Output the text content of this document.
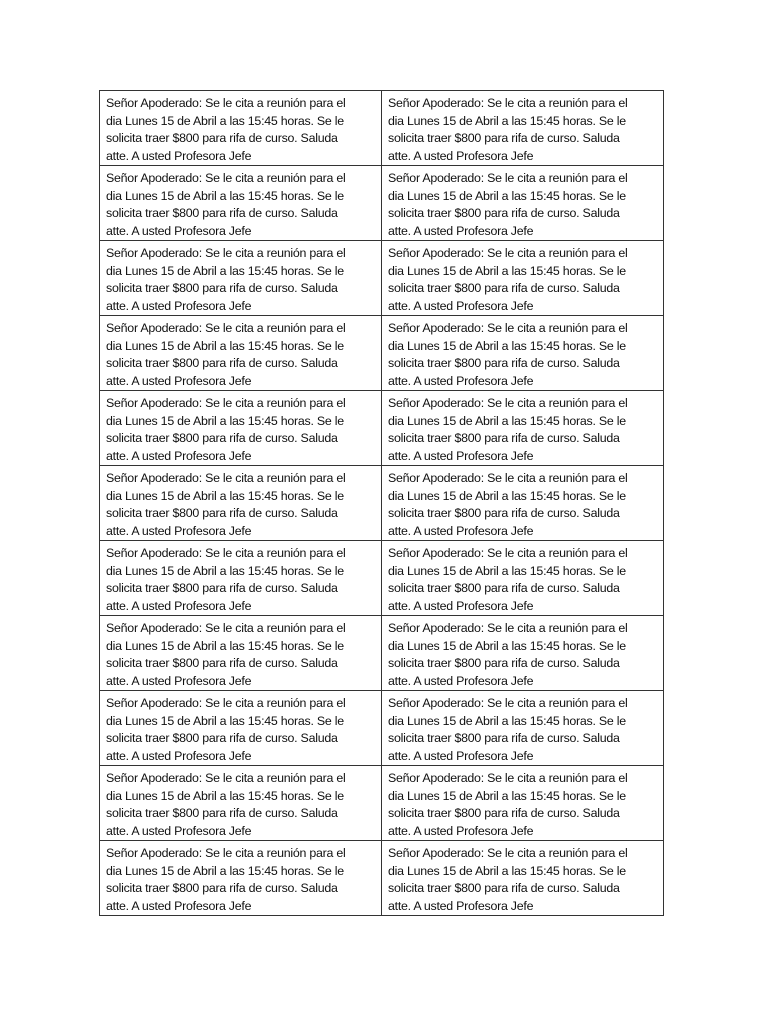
Señor Apoderado: Se le cita a reunión para el
dia Lunes 15 de Abril a las 15:45 horas. Se le
solicita traer $800 para rifa de curso. Saluda
atte. A usted Profesora Jefe	Señor Apoderado: Se le cita a reunión para el
dia Lunes 15 de Abril a las 15:45 horas. Se le
solicita traer $800 para rifa de curso. Saluda
atte. A usted Profesora Jefe

Señor Apoderado: Se le cita a reunión para el
dia Lunes 15 de Abril a las 15:45 horas. Se le
solicita traer $800 para rifa de curso. Saluda
atte. A usted Profesora Jefe	Señor Apoderado: Se le cita a reunión para el
dia Lunes 15 de Abril a las 15:45 horas. Se le
solicita traer $800 para rifa de curso. Saluda
atte. A usted Profesora Jefe

Señor Apoderado: Se le cita a reunión para el
dia Lunes 15 de Abril a las 15:45 horas. Se le
solicita traer $800 para rifa de curso. Saluda
atte. A usted Profesora Jefe	Señor Apoderado: Se le cita a reunión para el
dia Lunes 15 de Abril a las 15:45 horas. Se le
solicita traer $800 para rifa de curso. Saluda
atte. A usted Profesora Jefe

Señor Apoderado: Se le cita a reunión para el
dia Lunes 15 de Abril a las 15:45 horas. Se le
solicita traer $800 para rifa de curso. Saluda
atte. A usted Profesora Jefe	Señor Apoderado: Se le cita a reunión para el
dia Lunes 15 de Abril a las 15:45 horas. Se le
solicita traer $800 para rifa de curso. Saluda
atte. A usted Profesora Jefe

Señor Apoderado: Se le cita a reunión para el
dia Lunes 15 de Abril a las 15:45 horas. Se le
solicita traer $800 para rifa de curso. Saluda
atte. A usted Profesora Jefe	Señor Apoderado: Se le cita a reunión para el
dia Lunes 15 de Abril a las 15:45 horas. Se le
solicita traer $800 para rifa de curso. Saluda
atte. A usted Profesora Jefe

Señor Apoderado: Se le cita a reunión para el
dia Lunes 15 de Abril a las 15:45 horas. Se le
solicita traer $800 para rifa de curso. Saluda
atte. A usted Profesora Jefe	Señor Apoderado: Se le cita a reunión para el
dia Lunes 15 de Abril a las 15:45 horas. Se le
solicita traer $800 para rifa de curso. Saluda
atte. A usted Profesora Jefe

Señor Apoderado: Se le cita a reunión para el
dia Lunes 15 de Abril a las 15:45 horas. Se le
solicita traer $800 para rifa de curso. Saluda
atte. A usted Profesora Jefe	Señor Apoderado: Se le cita a reunión para el
dia Lunes 15 de Abril a las 15:45 horas. Se le
solicita traer $800 para rifa de curso. Saluda
atte. A usted Profesora Jefe

Señor Apoderado: Se le cita a reunión para el
dia Lunes 15 de Abril a las 15:45 horas. Se le
solicita traer $800 para rifa de curso. Saluda
atte. A usted Profesora Jefe	Señor Apoderado: Se le cita a reunión para el
dia Lunes 15 de Abril a las 15:45 horas. Se le
solicita traer $800 para rifa de curso. Saluda
atte. A usted Profesora Jefe

Señor Apoderado: Se le cita a reunión para el
dia Lunes 15 de Abril a las 15:45 horas. Se le
solicita traer $800 para rifa de curso. Saluda
atte. A usted Profesora Jefe	Señor Apoderado: Se le cita a reunión para el
dia Lunes 15 de Abril a las 15:45 horas. Se le
solicita traer $800 para rifa de curso. Saluda
atte. A usted Profesora Jefe

Señor Apoderado: Se le cita a reunión para el
dia Lunes 15 de Abril a las 15:45 horas. Se le
solicita traer $800 para rifa de curso. Saluda
atte. A usted Profesora Jefe	Señor Apoderado: Se le cita a reunión para el
dia Lunes 15 de Abril a las 15:45 horas. Se le
solicita traer $800 para rifa de curso. Saluda
atte. A usted Profesora Jefe

Señor Apoderado: Se le cita a reunión para el
dia Lunes 15 de Abril a las 15:45 horas. Se le
solicita traer $800 para rifa de curso. Saluda
atte. A usted Profesora Jefe	Señor Apoderado: Se le cita a reunión para el
dia Lunes 15 de Abril a las 15:45 horas. Se le
solicita traer $800 para rifa de curso. Saluda
atte. A usted Profesora Jefe
